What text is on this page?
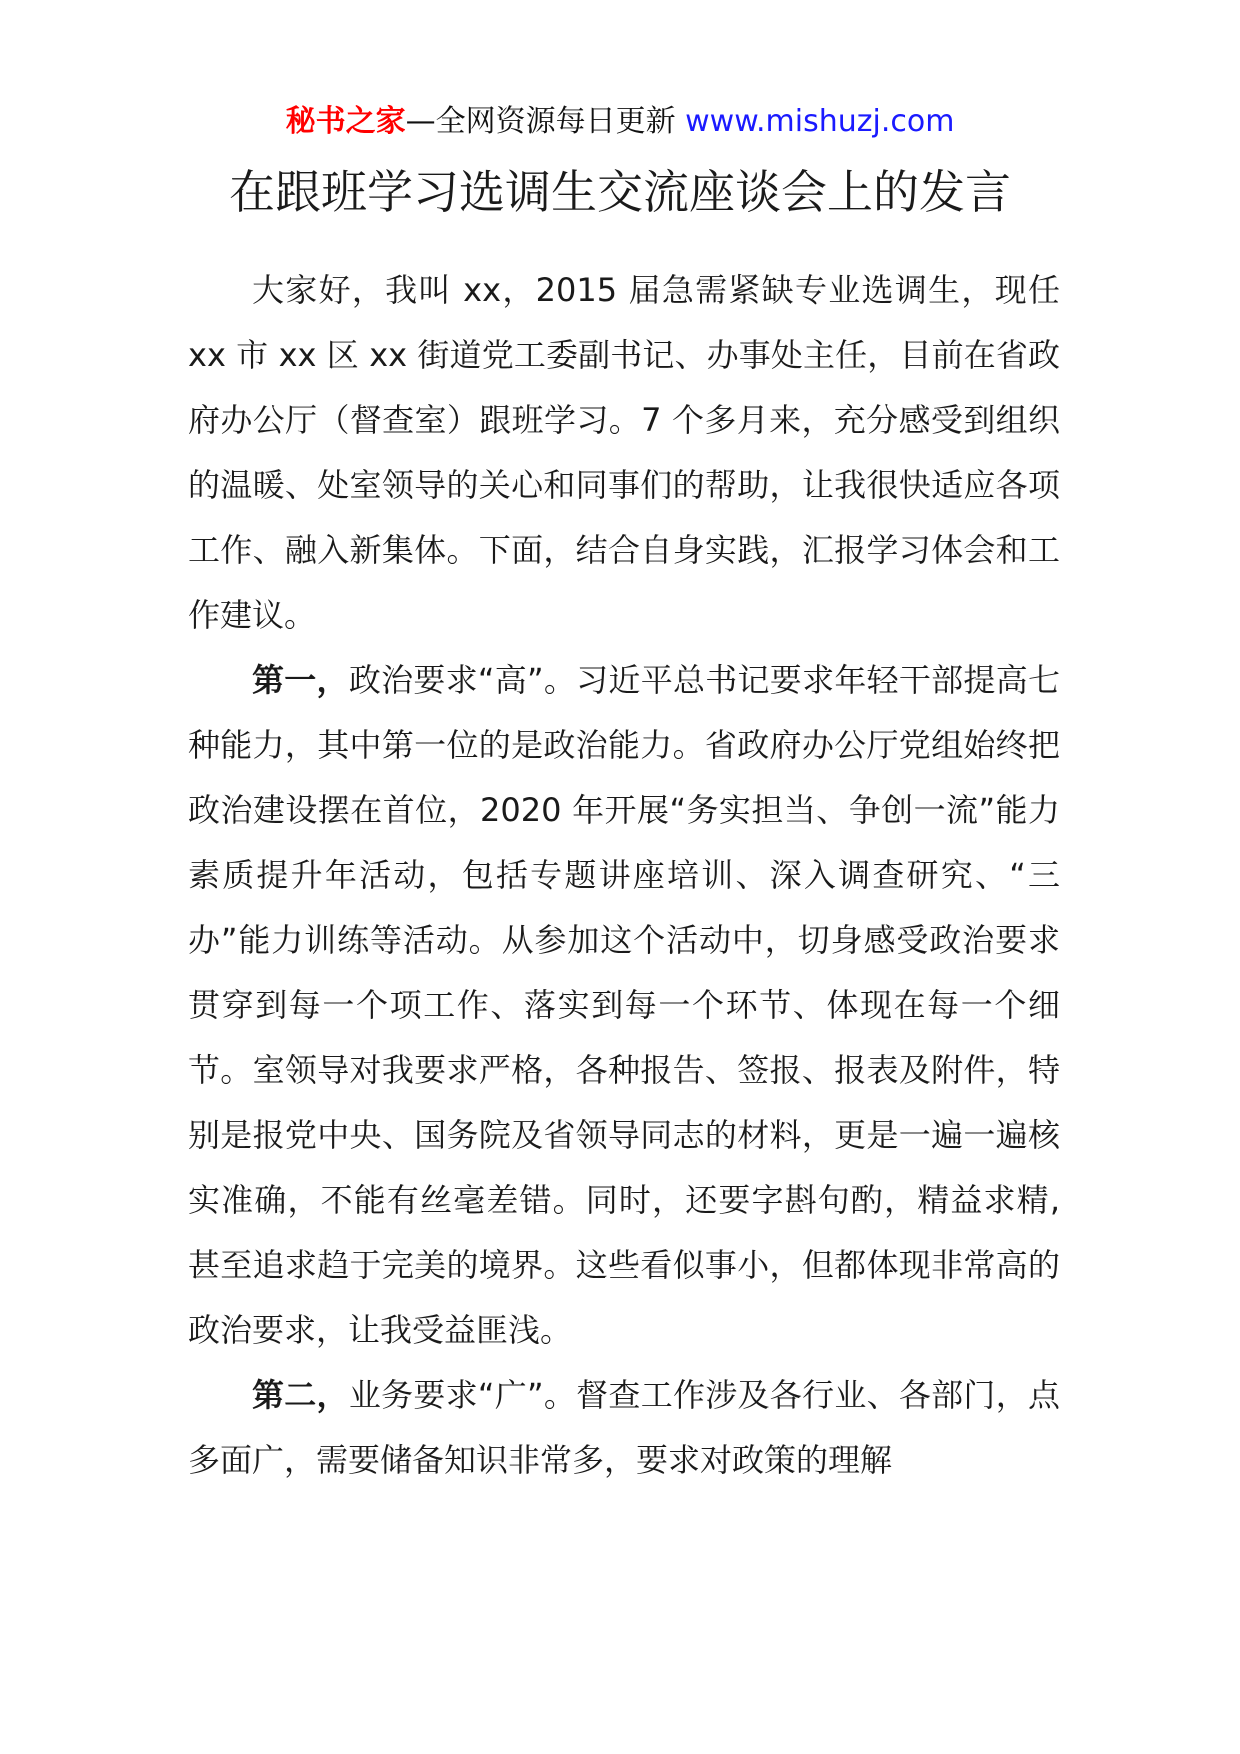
秘书之家—全网资源每日更新 www.mishuzj.com
在跟班学习选调生交流座谈会上的发言

大家好，我叫 xx，2015 届急需紧缺专业选调生，现任 xx 市 xx 区 xx 街道党工委副书记、办事处主任，目前在省政府办公厅（督查室）跟班学习。7 个多月来，充分感受到组织的温暖、处室领导的关心和同事们的帮助，让我很快适应各项工作、融入新集体。下面，结合自身实践，汇报学习体会和工作建议。

第一，政治要求“高”。习近平总书记要求年轻干部提高七种能力，其中第一位的是政治能力。省政府办公厅党组始终把政治建设摆在首位，2020 年开展“务实担当、争创一流”能力素质提升年活动，包括专题讲座培训、深入调查研究、“三办”能力训练等活动。从参加这个活动中，切身感受政治要求贯穿到每一个项工作、落实到每一个环节、体现在每一个细节。室领导对我要求严格，各种报告、签报、报表及附件，特别是报党中央、国务院及省领导同志的材料，更是一遍一遍核实准确，不能有丝毫差错。同时，还要字斟句酌，精益求精,甚至追求趋于完美的境界。这些看似事小，但都体现非常高的政治要求，让我受益匪浅。

第二，业务要求“广”。督查工作涉及各行业、各部门，点多面广，需要储备知识非常多，要求对政策的理解
